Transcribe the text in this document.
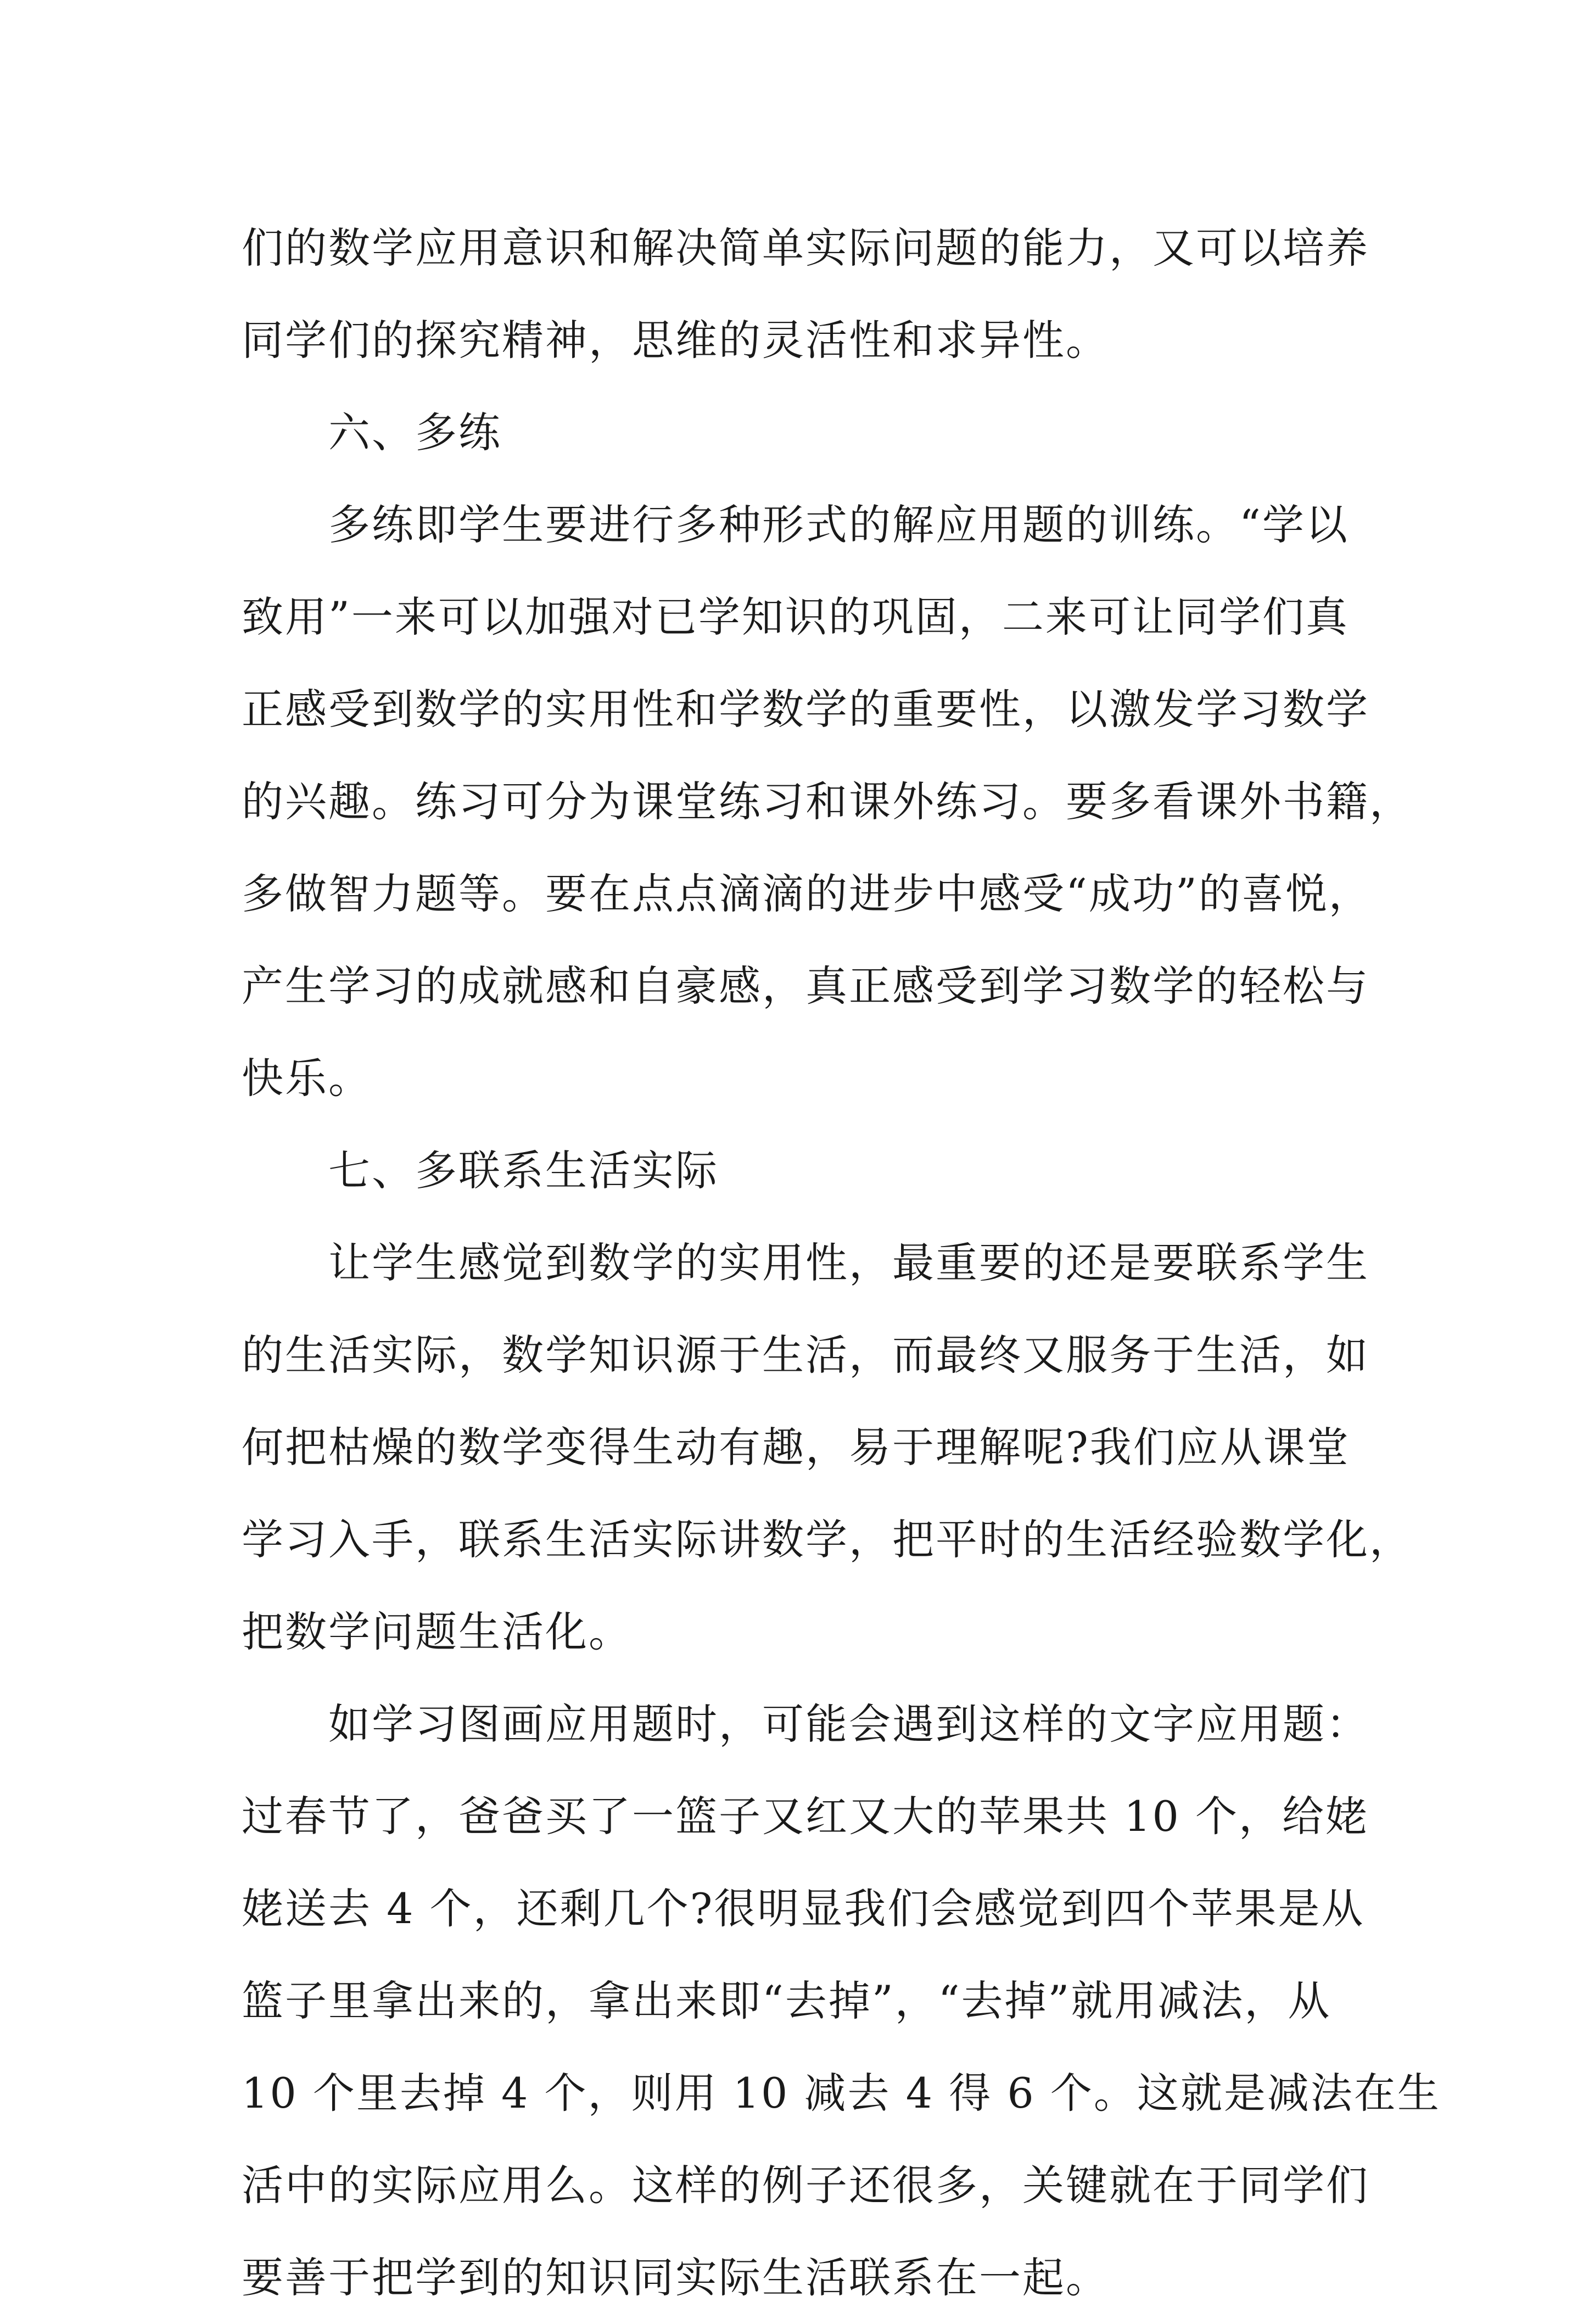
们的数学应用意识和解决简单实际问题的能力，又可以培养
同学们的探究精神，思维的灵活性和求异性。
六、多练
多练即学生要进行多种形式的解应用题的训练。“学以
致用”一来可以加强对已学知识的巩固，二来可让同学们真
正感受到数学的实用性和学数学的重要性，以激发学习数学
的兴趣。练习可分为课堂练习和课外练习。要多看课外书籍，
多做智力题等。要在点点滴滴的进步中感受“成功”的喜悦，
产生学习的成就感和自豪感，真正感受到学习数学的轻松与
快乐。
七、多联系生活实际
让学生感觉到数学的实用性，最重要的还是要联系学生
的生活实际，数学知识源于生活，而最终又服务于生活，如
何把枯燥的数学变得生动有趣，易于理解呢?我们应从课堂
学习入手，联系生活实际讲数学，把平时的生活经验数学化，
把数学问题生活化。
如学习图画应用题时，可能会遇到这样的文字应用题：
过春节了，爸爸买了一篮子又红又大的苹果共 10 个，给姥
姥送去 4 个，还剩几个?很明显我们会感觉到四个苹果是从
篮子里拿出来的，拿出来即“去掉”，“去掉”就用减法，从
10 个里去掉 4 个，则用 10 减去 4 得 6 个。这就是减法在生
活中的实际应用么。这样的例子还很多，关键就在于同学们
要善于把学到的知识同实际生活联系在一起。
